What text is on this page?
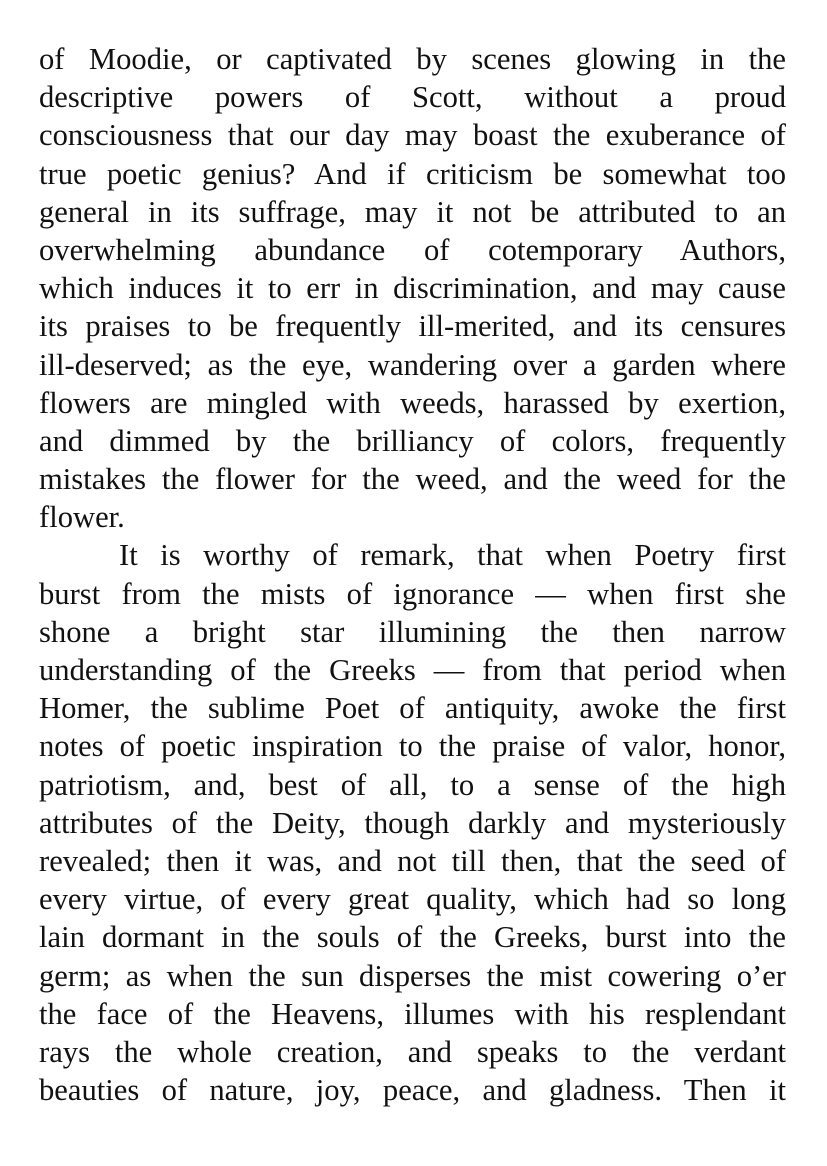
of Moodie, or captivated by scenes glowing in the
descriptive powers of Scott, without a proud
consciousness that our day may boast the exuberance of
true poetic genius? And if criticism be somewhat too
general in its suffrage, may it not be attributed to an
overwhelming abundance of cotemporary Authors,
which induces it to err in discrimination, and may cause
its praises to be frequently ill-merited, and its censures
ill-deserved; as the eye, wandering over a garden where
flowers are mingled with weeds, harassed by exertion,
and dimmed by the brilliancy of colors, frequently
mistakes the flower for the weed, and the weed for the
flower.
It is worthy of remark, that when Poetry first
burst from the mists of ignorance — when first she
shone a bright star illumining the then narrow
understanding of the Greeks — from that period when
Homer, the sublime Poet of antiquity, awoke the first
notes of poetic inspiration to the praise of valor, honor,
patriotism, and, best of all, to a sense of the high
attributes of the Deity, though darkly and mysteriously
revealed; then it was, and not till then, that the seed of
every virtue, of every great quality, which had so long
lain dormant in the souls of the Greeks, burst into the
germ; as when the sun disperses the mist cowering o’er
the face of the Heavens, illumes with his resplendant
rays the whole creation, and speaks to the verdant
beauties of nature, joy, peace, and gladness. Then it
